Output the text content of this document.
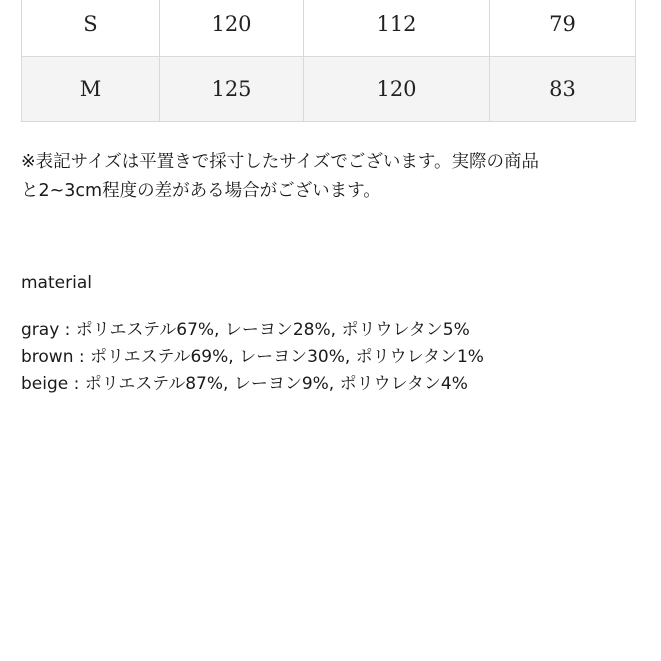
S	120	112	79
M	125	120	83

※表記サイズは平置きで採寸したサイズでございます。実際の商品
と2~3cm程度の差がある場合がございます。

material
gray : ポリエステル67%, レーヨン28%, ポリウレタン5%
brown : ポリエステル69%, レーヨン30%, ポリウレタン1%
beige : ポリエステル87%, レーヨン9%, ポリウレタン4%
